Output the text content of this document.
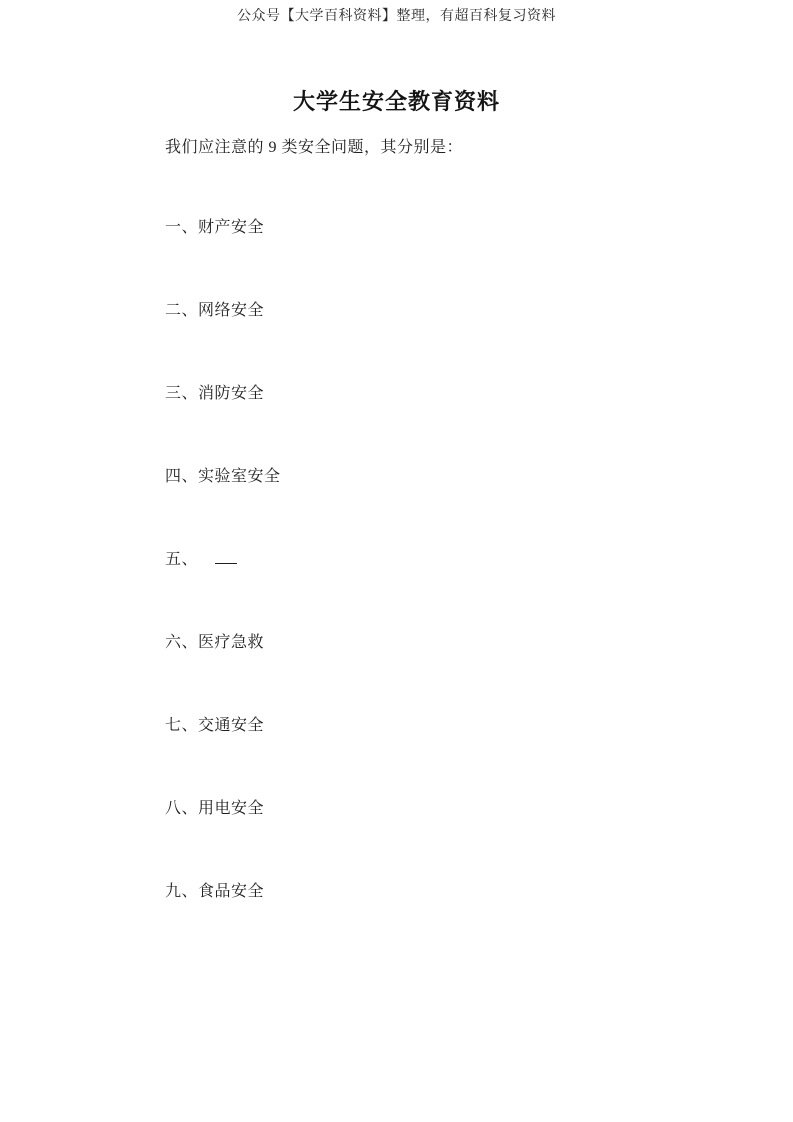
公众号【大学百科资料】整理，有超百科复习资料
大学生安全教育资料
我们应注意的 9 类安全问题，其分别是：
一、财产安全
二、网络安全
三、消防安全
四、实验室安全
五、
六、医疗急救
七、交通安全
八、用电安全
九、食品安全
